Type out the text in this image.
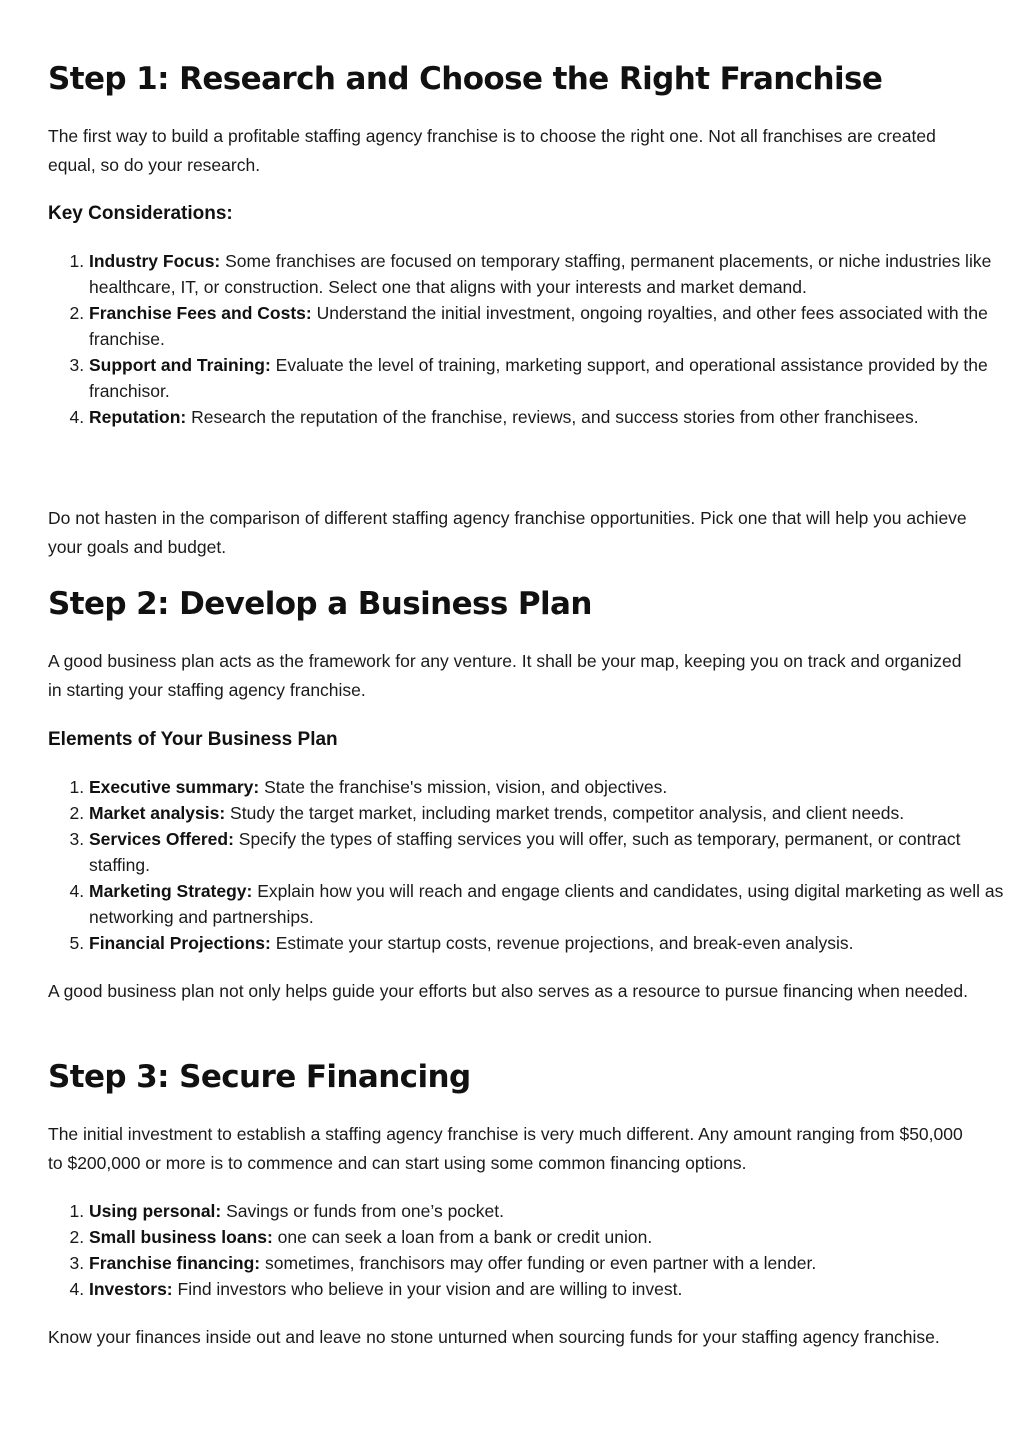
Step 1: Research and Choose the Right Franchise

The first way to build a profitable staffing agency franchise is to choose the right one. Not all franchises are created equal, so do your research.

Key Considerations:
1. Industry Focus: Some franchises are focused on temporary staffing, permanent placements, or niche industries like healthcare, IT, or construction. Select one that aligns with your interests and market demand.
2. Franchise Fees and Costs: Understand the initial investment, ongoing royalties, and other fees associated with the franchise.
3. Support and Training: Evaluate the level of training, marketing support, and operational assistance provided by the franchisor.
4. Reputation: Research the reputation of the franchise, reviews, and success stories from other franchisees.

Do not hasten in the comparison of different staffing agency franchise opportunities. Pick one that will help you achieve your goals and budget.

Step 2: Develop a Business Plan

A good business plan acts as the framework for any venture. It shall be your map, keeping you on track and organized in starting your staffing agency franchise.

Elements of Your Business Plan
1. Executive summary: State the franchise's mission, vision, and objectives.
2. Market analysis: Study the target market, including market trends, competitor analysis, and client needs.
3. Services Offered: Specify the types of staffing services you will offer, such as temporary, permanent, or contract staffing.
4. Marketing Strategy: Explain how you will reach and engage clients and candidates, using digital marketing as well as networking and partnerships.
5. Financial Projections: Estimate your startup costs, revenue projections, and break-even analysis.

A good business plan not only helps guide your efforts but also serves as a resource to pursue financing when needed.

Step 3: Secure Financing

The initial investment to establish a staffing agency franchise is very much different. Any amount ranging from $50,000 to $200,000 or more is to commence and can start using some common financing options.

1. Using personal: Savings or funds from one’s pocket.
2. Small business loans: one can seek a loan from a bank or credit union.
3. Franchise financing: sometimes, franchisors may offer funding or even partner with a lender.
4. Investors: Find investors who believe in your vision and are willing to invest.

Know your finances inside out and leave no stone unturned when sourcing funds for your staffing agency franchise.
